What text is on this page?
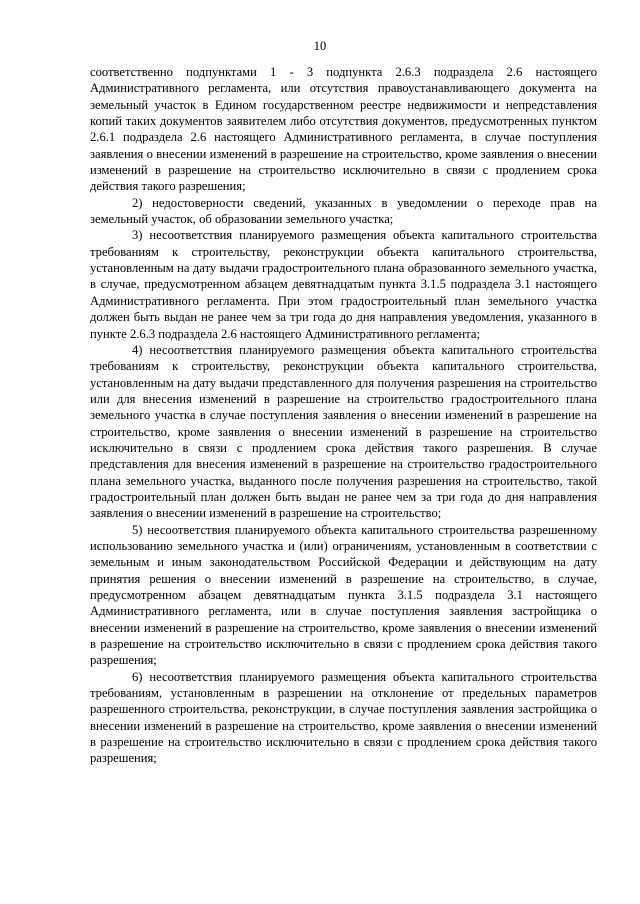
10

соответственно подпунктами 1 - 3 подпункта 2.6.3 подраздела 2.6 настоящего Административного регламента, или отсутствия правоустанавливающего документа на земельный участок в Едином государственном реестре недвижимости и непредставления копий таких документов заявителем либо отсутствия документов, предусмотренных пунктом 2.6.1 подраздела 2.6 настоящего Административного регламента, в случае поступления заявления о внесении изменений в разрешение на строительство, кроме заявления о внесении изменений в разрешение на строительство исключительно в связи с продлением срока действия такого разрешения;

2) недостоверности сведений, указанных в уведомлении о переходе прав на земельный участок, об образовании земельного участка;

3) несоответствия планируемого размещения объекта капитального строительства требованиям к строительству, реконструкции объекта капитального строительства, установленным на дату выдачи градостроительного плана образованного земельного участка, в случае, предусмотренном абзацем девятнадцатым пункта 3.1.5 подраздела 3.1 настоящего Административного регламента. При этом градостроительный план земельного участка должен быть выдан не ранее чем за три года до дня направления уведомления, указанного в пункте 2.6.3 подраздела 2.6 настоящего Административного регламента;

4) несоответствия планируемого размещения объекта капитального строительства требованиям к строительству, реконструкции объекта капитального строительства, установленным на дату выдачи представленного для получения разрешения на строительство или для внесения изменений в разрешение на строительство градостроительного плана земельного участка в случае поступления заявления о внесении изменений в разрешение на строительство, кроме заявления о внесении изменений в разрешение на строительство исключительно в связи с продлением срока действия такого разрешения. В случае представления для внесения изменений в разрешение на строительство градостроительного плана земельного участка, выданного после получения разрешения на строительство, такой градостроительный план должен быть выдан не ранее чем за три года до дня направления заявления о внесении изменений в разрешение на строительство;

5) несоответствия планируемого объекта капитального строительства разрешенному использованию земельного участка и (или) ограничениям, установленным в соответствии с земельным и иным законодательством Российской Федерации и действующим на дату принятия решения о внесении изменений в разрешение на строительство, в случае, предусмотренном абзацем девятнадцатым пункта 3.1.5 подраздела 3.1 настоящего Административного регламента, или в случае поступления заявления застройщика о внесении изменений в разрешение на строительство, кроме заявления о внесении изменений в разрешение на строительство исключительно в связи с продлением срока действия такого разрешения;

6) несоответствия планируемого размещения объекта капитального строительства требованиям, установленным в разрешении на отклонение от предельных параметров разрешенного строительства, реконструкции, в случае поступления заявления застройщика о внесении изменений в разрешение на строительство, кроме заявления о внесении изменений в разрешение на строительство исключительно в связи с продлением срока действия такого разрешения;
